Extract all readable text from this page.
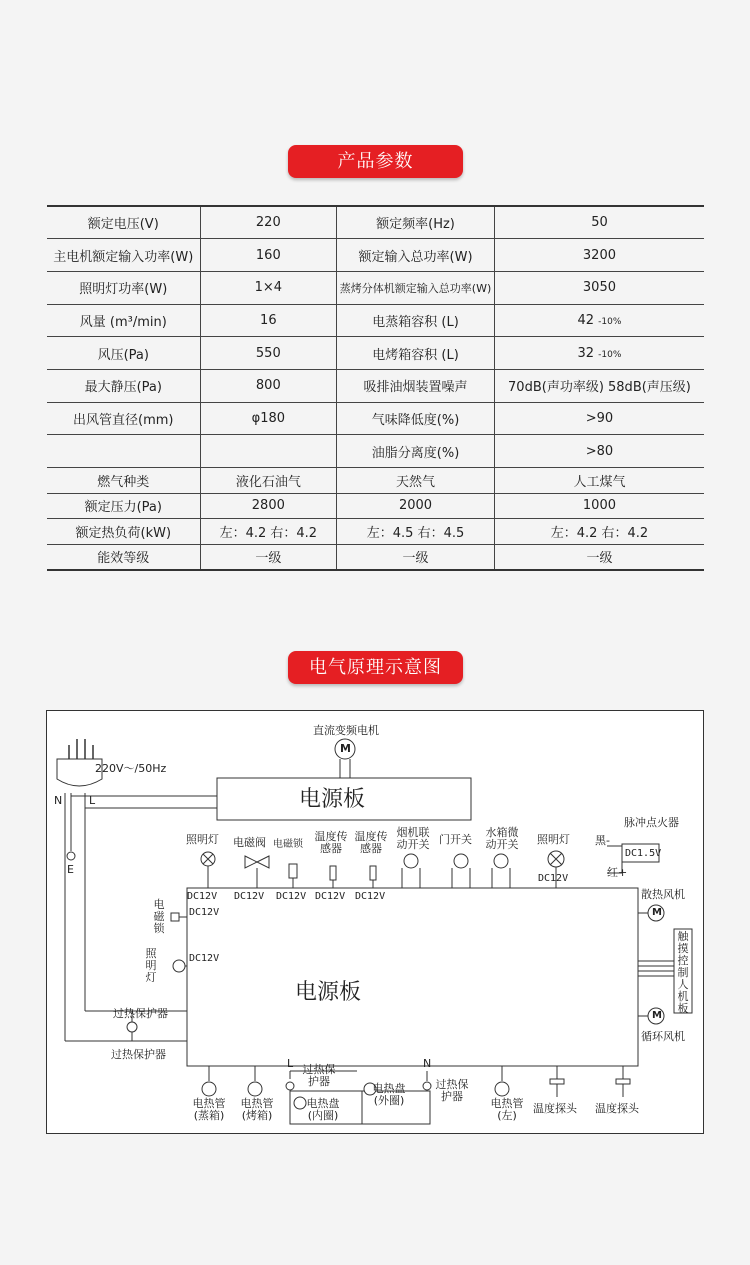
产品参数
额定电压(V)	220	额定频率(Hz)	50
主电机额定输入功率(W)	160	额定输入总功率(W)	3200
照明灯功率(W)	1×4	蒸烤分体机额定输入总功率(W)	3050
风量 (m³/min)	16	电蒸箱容积 (L)	42 -10%
风压(Pa)	550	电烤箱容积 (L)	32 -10%
最大静压(Pa)	800	吸排油烟装置噪声	70dB(声功率级) 58dB(声压级)
出风管直径(mm)	φ180	气味降低度(%)	>90
		油脂分离度(%)	>80
燃气种类	液化石油气	天然气	人工煤气
额定压力(Pa)	2800	2000	1000
额定热负荷(kW)	左：4.2 右：4.2	左：4.5 右：4.5	左：4.2 右：4.2
能效等级	一级	一级	一级
电气原理示意图
直流变频电机
M
220V～/50Hz
N L
E
电源板
电源板
照明灯 电磁阀 电磁锁
温度传感器
温度传感器
烟机联动开关 门开关
水箱微动开关	照明灯
DC12V DC12V DC12V DC12V DC12V
DC12V
DC12V
DC12V
脉冲点火器
黑-
红+
DC1.5V
散热风机
循环风机
M
M
触摸控制人机板
电磁锁
照明灯
过热保护器
过热保护器
L	N
电热管(蒸箱)
电热管(烤箱)
过热保护器
电热盘(内圈)
电热盘(外圈)
过热保护器
电热管(左)
温度探头 温度探头
